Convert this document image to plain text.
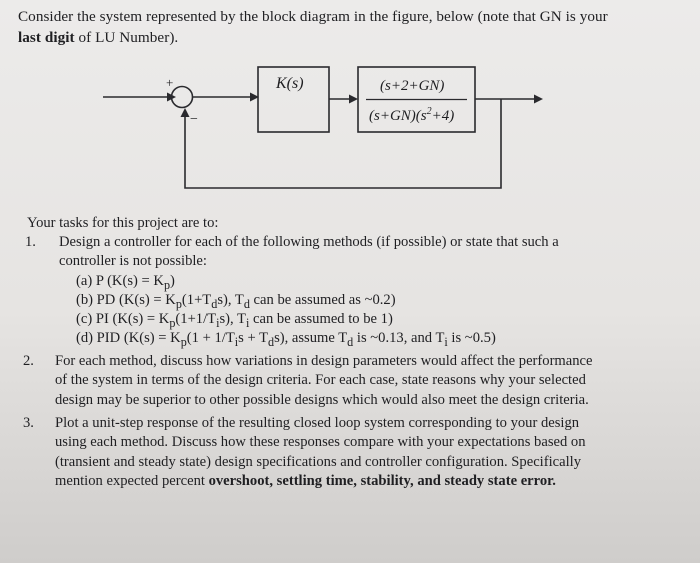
Consider the system represented by the block diagram in the figure, below (note that GN is your
last digit of LU Number).
+
−
K(s)	(s+2+GN)
$(s+GN)(s^2+4)$
Your tasks for this project are to:
1. Design a controller for each of the following methods (if possible) or state that such a
controller is not possible:
(a) P $(K(s) = K_p)$
(b) PD ($K(s) = K_p(1+T_ds)$, $T_d$ can be assumed as ~0.2)
(c) PI ($K(s) = K_p(1+1/T_is)$, $T_i$ can be assumed to be 1)
(d) PID ($K(s) = K_p(1 + 1/T_is + T_ds)$, assume $T_d$ is ~0.13, and $T_i$ is ~0.5)
2. For each method, discuss how variations in design parameters would affect the performance
of the system in terms of the design criteria. For each case, state reasons why your selected
design may be superior to other possible designs which would also meet the design criteria.
3. Plot a unit-step response of the resulting closed loop system corresponding to your design
using each method. Discuss how these responses compare with your expectations based on
(transient and steady state) design specifications and controller configuration. Specifically
mention expected percent overshoot, settling time, stability, and steady state error.
